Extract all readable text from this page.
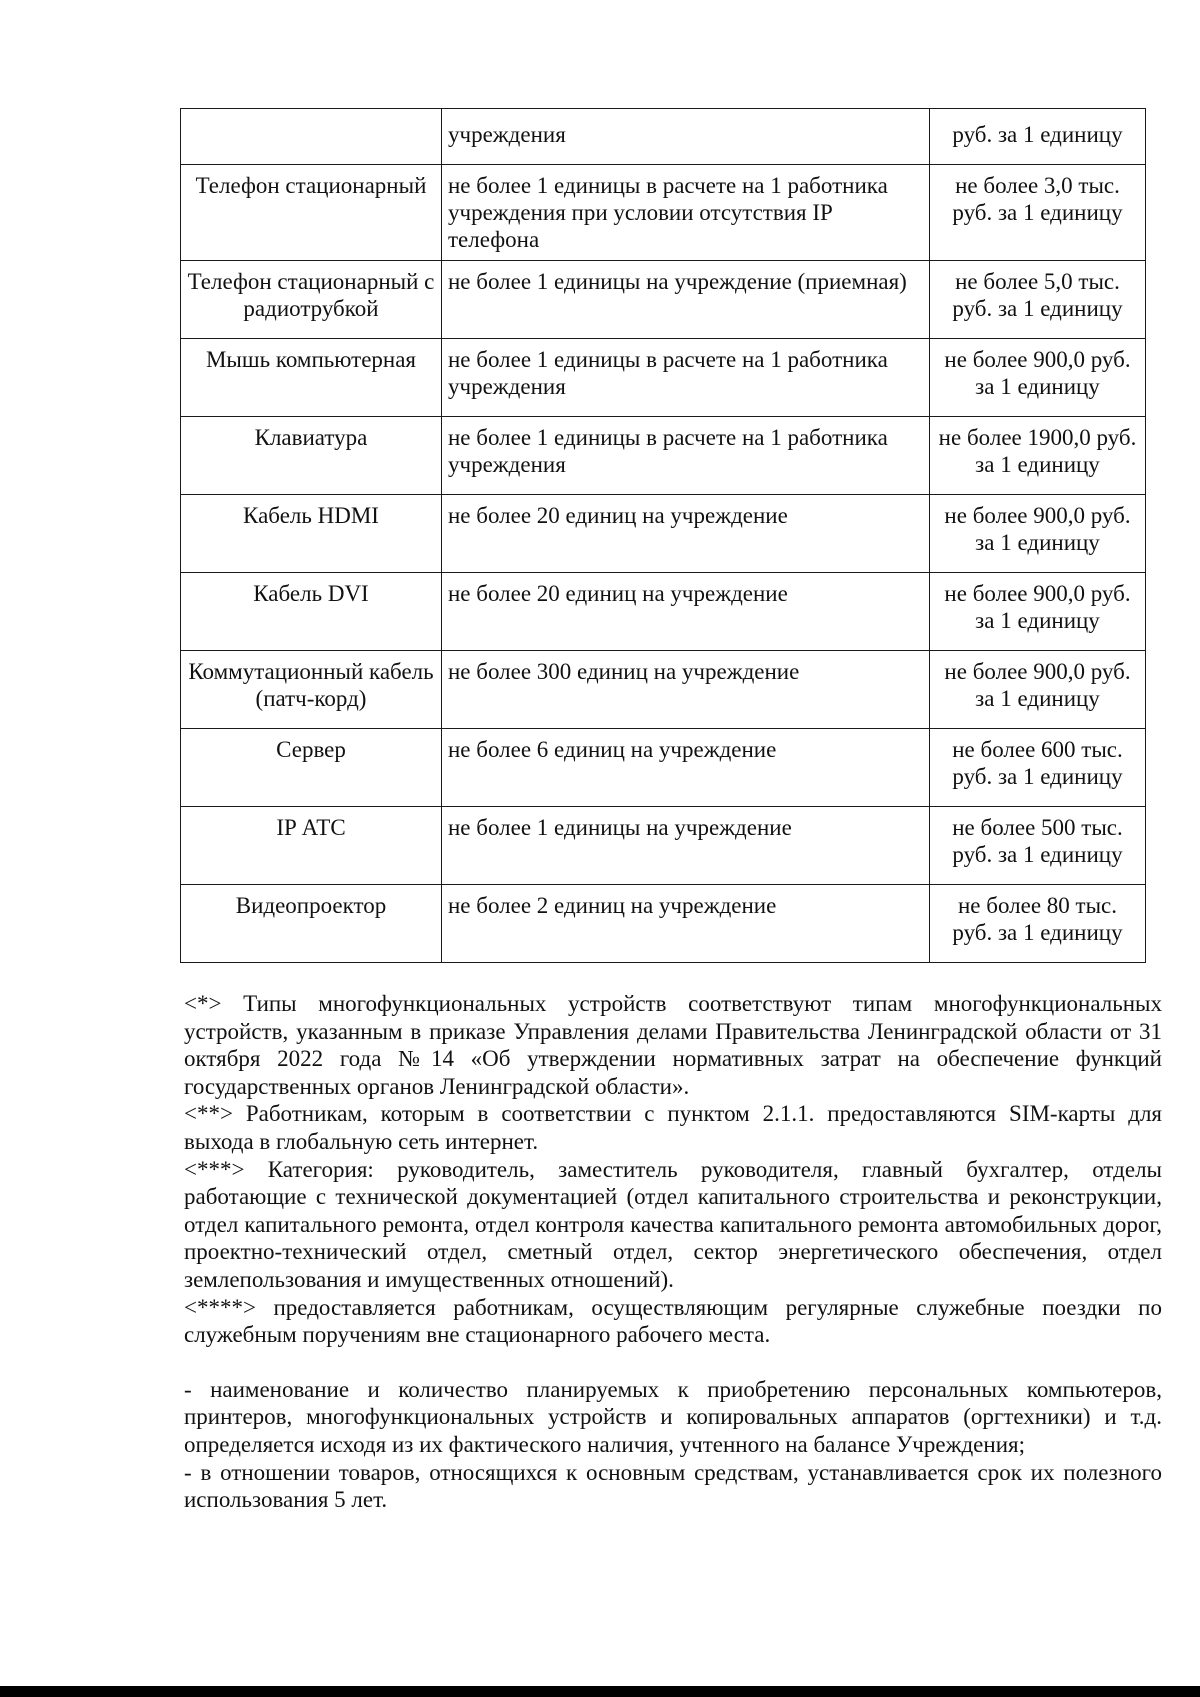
	учреждения	руб. за 1 единицу
Телефон стационарный	не более 1 единицы в расчете на 1 работника учреждения при условии отсутствия IP телефона	не более 3,0 тыс. руб. за 1 единицу
Телефон стационарный с радиотрубкой	не более 1 единицы на учреждение (приемная)	не более 5,0 тыс. руб. за 1 единицу
Мышь компьютерная	не более 1 единицы в расчете на 1 работника учреждения	не более 900,0 руб. за 1 единицу
Клавиатура	не более 1 единицы в расчете на 1 работника учреждения	не более 1900,0 руб. за 1 единицу
Кабель HDMI	не более 20 единиц на учреждение	не более 900,0 руб. за 1 единицу
Кабель DVI	не более 20 единиц на учреждение	не более 900,0 руб. за 1 единицу
Коммутационный кабель (патч-корд)	не более 300 единиц на учреждение	не более 900,0 руб. за 1 единицу
Сервер	не более 6 единиц на учреждение	не более 600 тыс. руб. за 1 единицу
IP АТС	не более 1 единицы на учреждение	не более 500 тыс. руб. за 1 единицу
Видеопроектор	не более 2 единиц на учреждение	не более 80 тыс. руб. за 1 единицу

<*> Типы многофункциональных устройств соответствуют типам многофункциональных устройств, указанным в приказе Управления делами Правительства Ленинградской области от 31 октября 2022 года №14 «Об утверждении нормативных затрат на обеспечение функций государственных органов Ленинградской области».

<**> Работникам, которым в соответствии с пунктом 2.1.1. предоставляются SIM-карты для выхода в глобальную сеть интернет.

<***> Категория: руководитель, заместитель руководителя, главный бухгалтер, отделы работающие с технической документацией (отдел капитального строительства и реконструкции, отдел капитального ремонта, отдел контроля качества капитального ремонта автомобильных дорог, проектно-технический отдел, сметный отдел, сектор энергетического обеспечения, отдел землепользования и имущественных отношений).

<****> предоставляется работникам, осуществляющим регулярные служебные поездки по служебным поручениям вне стационарного рабочего места.

- наименование и количество планируемых к приобретению персональных компьютеров, принтеров, многофункциональных устройств и копировальных аппаратов (оргтехники) и т.д. определяется исходя из их фактического наличия, учтенного на балансе Учреждения;

- в отношении товаров, относящихся к основным средствам, устанавливается срок их полезного использования 5 лет.
